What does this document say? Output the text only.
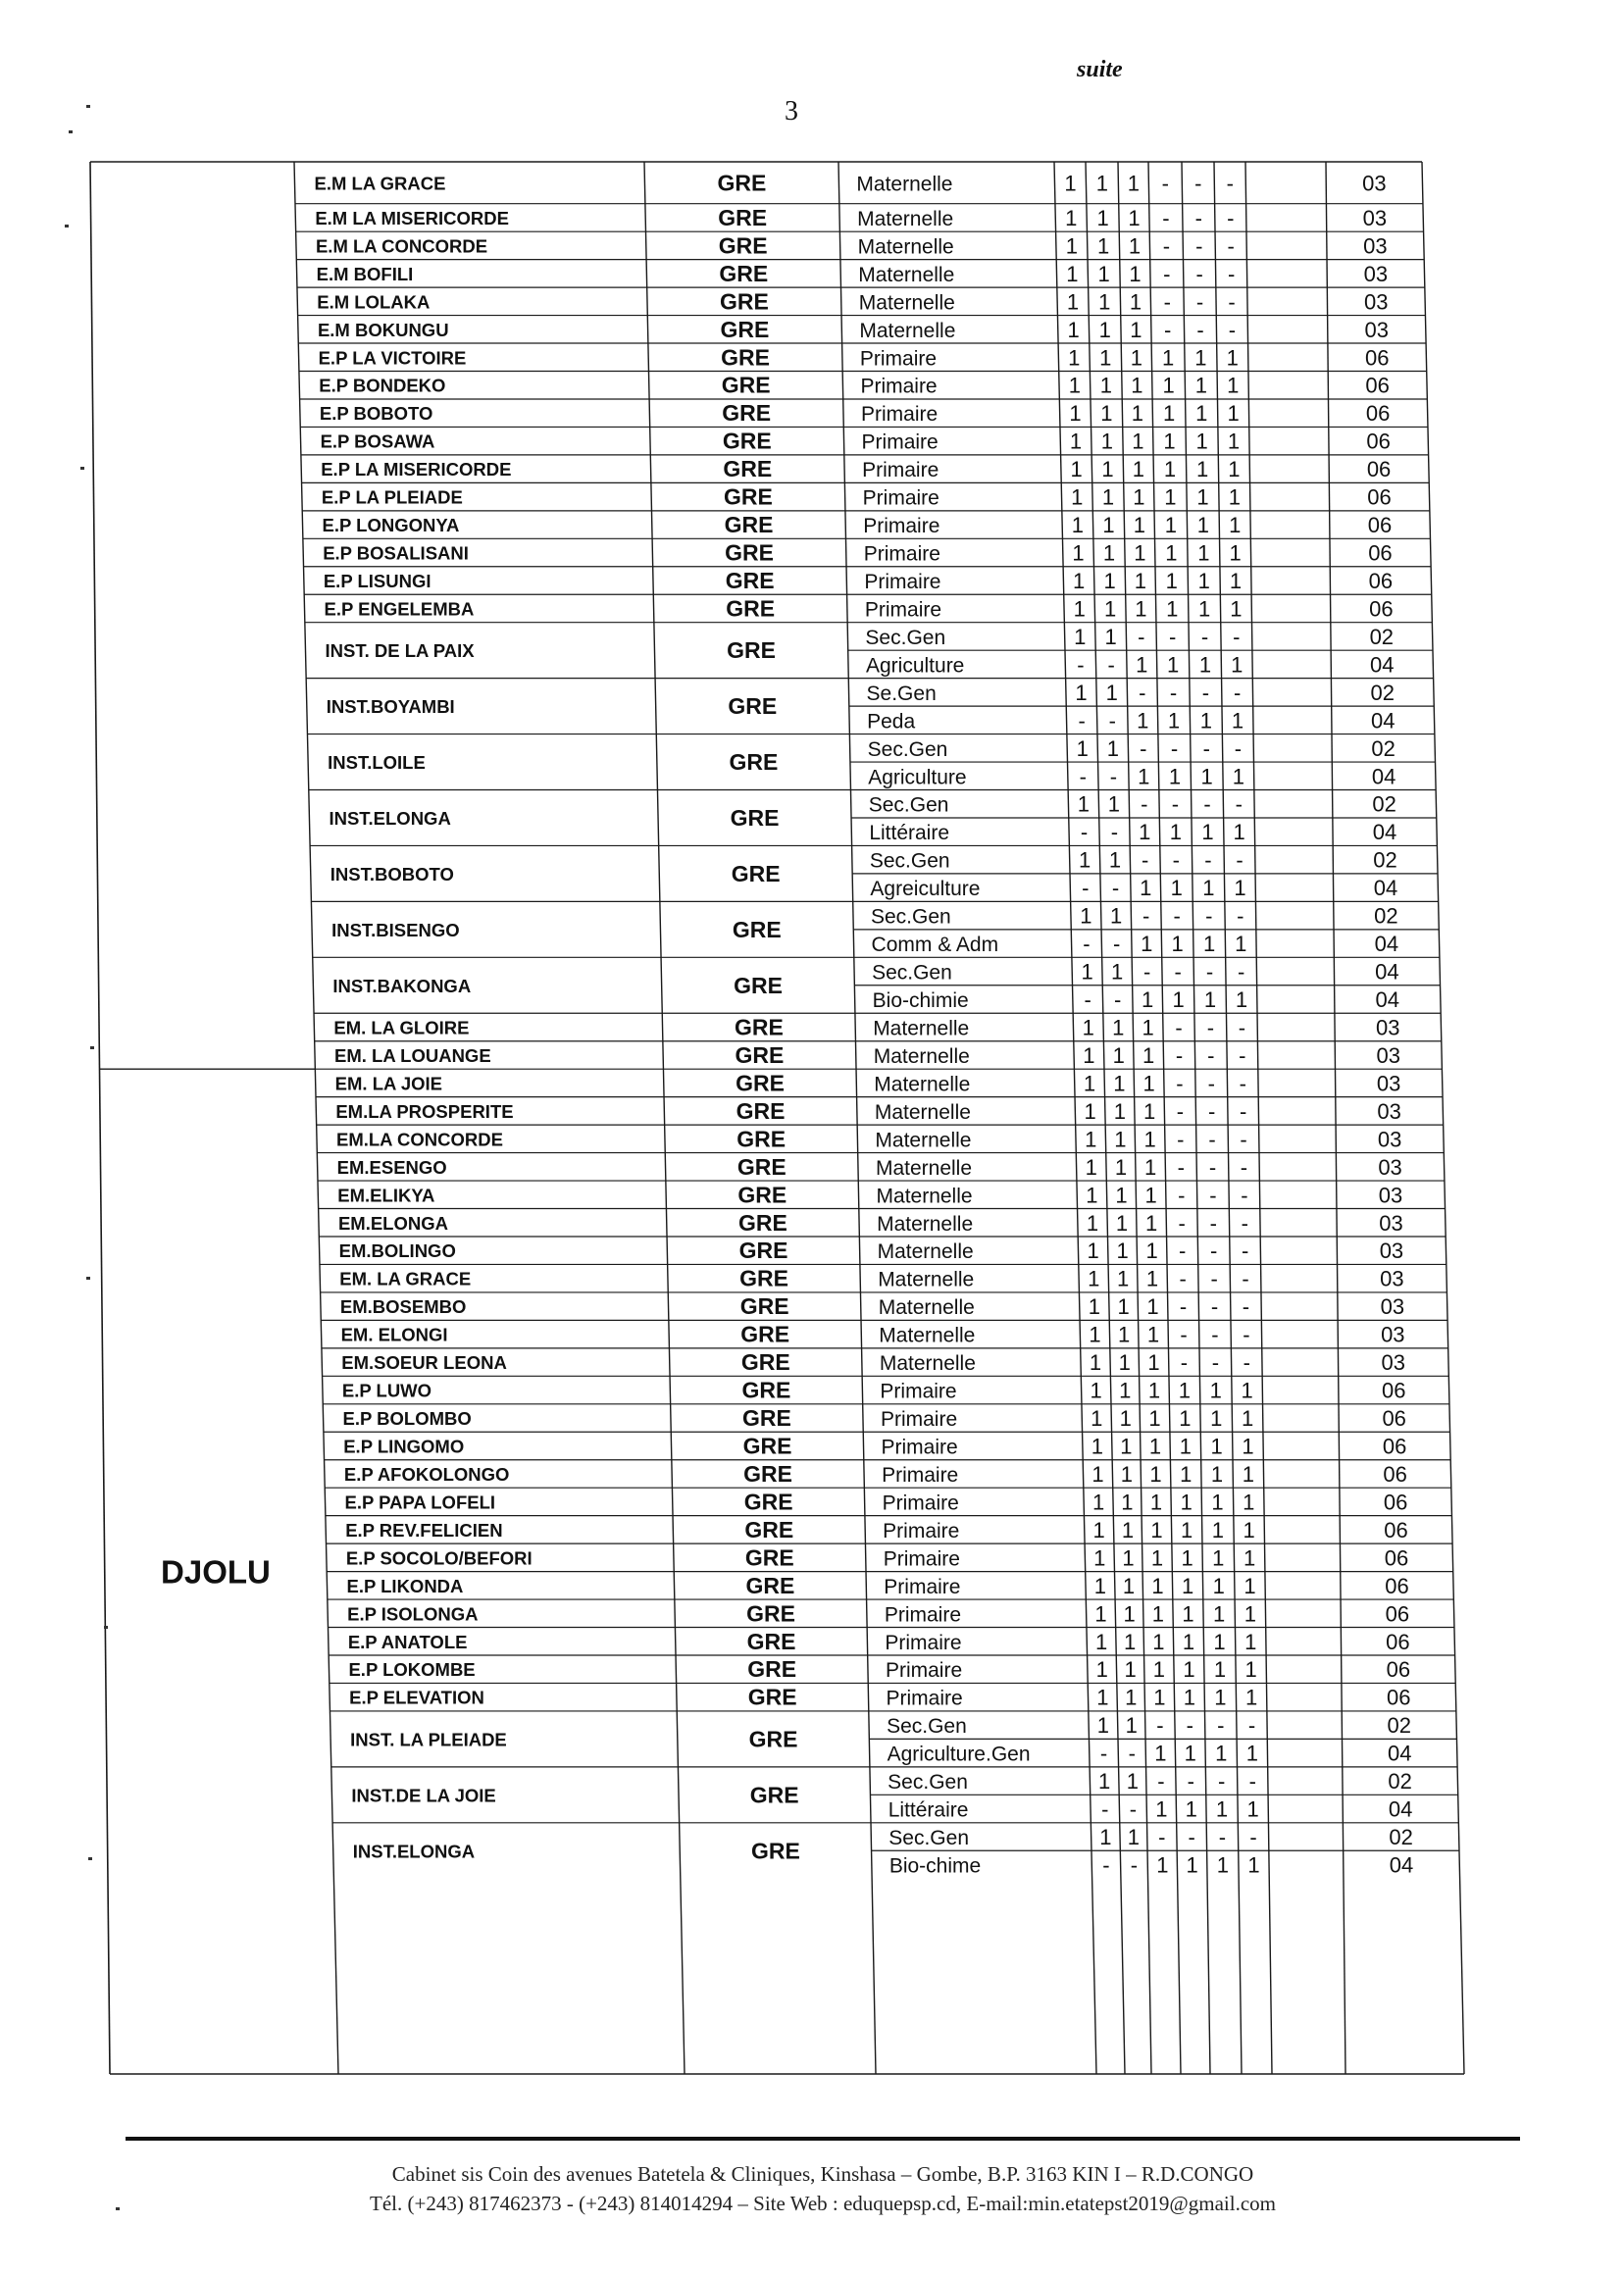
suite
3
DJOLU
E.M LA GRACE	GRE	Maternelle	1 1 1 - - -	03
E.M LA MISERICORDE	GRE	Maternelle	1 1 1 - - -	03
E.M LA CONCORDE	GRE	Maternelle	1 1 1 - - -	03
E.M BOFILI	GRE	Maternelle	1 1 1 - - -	03
E.M LOLAKA	GRE	Maternelle	1 1 1 - - -	03
E.M BOKUNGU	GRE	Maternelle	1 1 1 - - -	03
E.P LA VICTOIRE	GRE	Primaire	1 1 1 1 1 1	06
E.P BONDEKO	GRE	Primaire	1 1 1 1 1 1	06
E.P BOBOTO	GRE	Primaire	1 1 1 1 1 1	06
E.P BOSAWA	GRE	Primaire	1 1 1 1 1 1	06
E.P LA MISERICORDE	GRE	Primaire	1 1 1 1 1 1	06
E.P LA PLEIADE	GRE	Primaire	1 1 1 1 1 1	06
E.P LONGONYA	GRE	Primaire	1 1 1 1 1 1	06
E.P BOSALISANI	GRE	Primaire	1 1 1 1 1 1	06
E.P LISUNGI	GRE	Primaire	1 1 1 1 1 1	06
E.P ENGELEMBA	GRE	Primaire	1 1 1 1 1 1	06
INST. DE LA PAIX	GRE	Sec.Gen	1 1 - - - -	02
Agriculture	- - 1 1 1 1	04
INST.BOYAMBI	GRE	Se.Gen	1 1 - - - -	02
Peda	- - 1 1 1 1	04
INST.LOILE	GRE	Sec.Gen	1 1 - - - -	02
Agriculture	- - 1 1 1 1	04
INST.ELONGA	GRE	Sec.Gen	1 1 - - - -	02
Littéraire	- - 1 1 1 1	04
INST.BOBOTO	GRE	Sec.Gen	1 1 - - - -	02
Agreiculture	- - 1 1 1 1	04
INST.BISENGO	GRE	Sec.Gen	1 1 - - - -	02
Comm & Adm	- - 1 1 1 1	04
INST.BAKONGA	GRE	Sec.Gen	1 1 - - - -	04
Bio-chimie	- - 1 1 1 1	04
EM. LA GLOIRE	GRE	Maternelle	1 1 1 - - -	03
EM. LA LOUANGE	GRE	Maternelle	1 1 1 - - -	03
EM. LA JOIE	GRE	Maternelle	1 1 1 - - -	03
EM.LA PROSPERITE	GRE	Maternelle	1 1 1 - - -	03
EM.LA CONCORDE	GRE	Maternelle	1 1 1 - - -	03
EM.ESENGO	GRE	Maternelle	1 1 1 - - -	03
EM.ELIKYA	GRE	Maternelle	1 1 1 - - -	03
EM.ELONGA	GRE	Maternelle	1 1 1 - - -	03
EM.BOLINGO	GRE	Maternelle	1 1 1 - - -	03
EM. LA GRACE	GRE	Maternelle	1 1 1 - - -	03
EM.BOSEMBO	GRE	Maternelle	1 1 1 - - -	03
EM. ELONGI	GRE	Maternelle	1 1 1 - - -	03
EM.SOEUR LEONA	GRE	Maternelle	1 1 1 - - -	03
E.P LUWO	GRE	Primaire	1 1 1 1 1 1	06
E.P BOLOMBO	GRE	Primaire	1 1 1 1 1 1	06
E.P LINGOMO	GRE	Primaire	1 1 1 1 1 1	06
E.P AFOKOLONGO	GRE	Primaire	1 1 1 1 1 1	06
E.P PAPA LOFELI	GRE	Primaire	1 1 1 1 1 1	06
E.P REV.FELICIEN	GRE	Primaire	1 1 1 1 1 1	06
E.P SOCOLO/BEFORI	GRE	Primaire	1 1 1 1 1 1	06
E.P LIKONDA	GRE	Primaire	1 1 1 1 1 1	06
E.P ISOLONGA	GRE	Primaire	1 1 1 1 1 1	06
E.P ANATOLE	GRE	Primaire	1 1 1 1 1 1	06
E.P LOKOMBE	GRE	Primaire	1 1 1 1 1 1	06
E.P ELEVATION	GRE	Primaire	1 1 1 1 1 1	06
INST. LA PLEIADE	GRE	Sec.Gen	1 1 - - - -	02
Agriculture.Gen	- - 1 1 1 1	04
INST.DE LA JOIE	GRE	Sec.Gen	1 1 - - - -	02
Littéraire	- - 1 1 1 1	04
INST.ELONGA	GRE	Sec.Gen	1 1 - - - -	02
Bio-chime	- - 1 1 1 1	04
Cabinet sis Coin des avenues Batetela & Cliniques, Kinshasa – Gombe, B.P. 3163 KIN I – R.D.CONGO
Tél. (+243) 817462373 - (+243) 814014294 – Site Web : eduquepsp.cd, E-mail:min.etatepst2019@gmail.com
